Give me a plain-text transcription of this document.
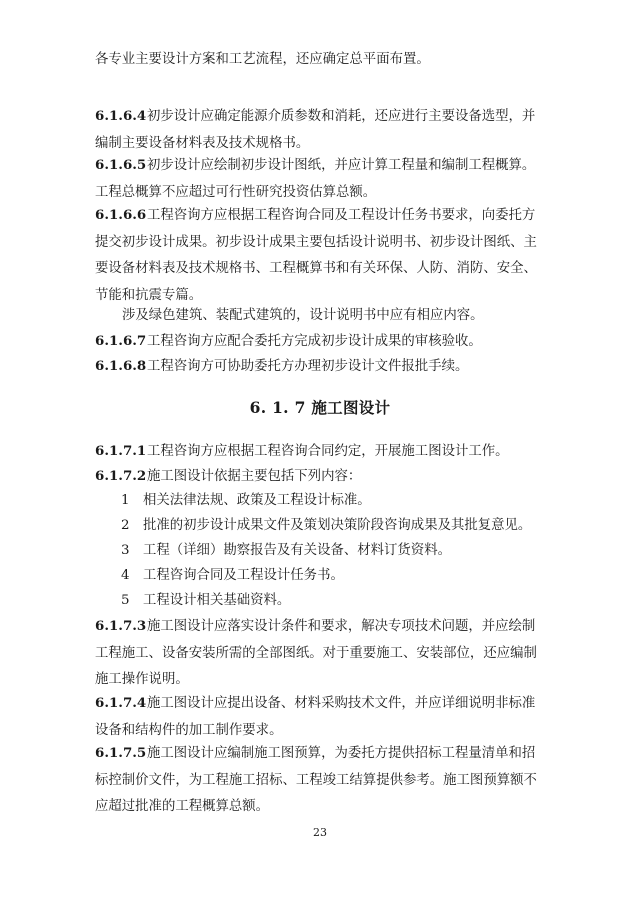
各专业主要设计方案和工艺流程，还应确定总平面布置。

6.1.6.4初步设计应确定能源介质参数和消耗，还应进行主要设备选型，并编制主要设备材料表及技术规格书。

6.1.6.5初步设计应绘制初步设计图纸，并应计算工程量和编制工程概算。工程总概算不应超过可行性研究投资估算总额。

6.1.6.6工程咨询方应根据工程咨询合同及工程设计任务书要求，向委托方提交初步设计成果。初步设计成果主要包括设计说明书、初步设计图纸、主要设备材料表及技术规格书、工程概算书和有关环保、人防、消防、安全、节能和抗震专篇。

涉及绿色建筑、装配式建筑的，设计说明书中应有相应内容。

6.1.6.7工程咨询方应配合委托方完成初步设计成果的审核验收。

6.1.6.8工程咨询方可协助委托方办理初步设计文件报批手续。

6. 1. 7 施工图设计

6.1.7.1工程咨询方应根据工程咨询合同约定，开展施工图设计工作。

6.1.7.2施工图设计依据主要包括下列内容：

1 相关法律法规、政策及工程设计标准。

2 批准的初步设计成果文件及策划决策阶段咨询成果及其批复意见。

3 工程（详细）勘察报告及有关设备、材料订货资料。

4 工程咨询合同及工程设计任务书。

5 工程设计相关基础资料。

6.1.7.3施工图设计应落实设计条件和要求，解决专项技术问题，并应绘制工程施工、设备安装所需的全部图纸。对于重要施工、安装部位，还应编制施工操作说明。

6.1.7.4施工图设计应提出设备、材料采购技术文件，并应详细说明非标准设备和结构件的加工制作要求。

6.1.7.5施工图设计应编制施工图预算，为委托方提供招标工程量清单和招标控制价文件，为工程施工招标、工程竣工结算提供参考。施工图预算额不应超过批准的工程概算总额。

23
